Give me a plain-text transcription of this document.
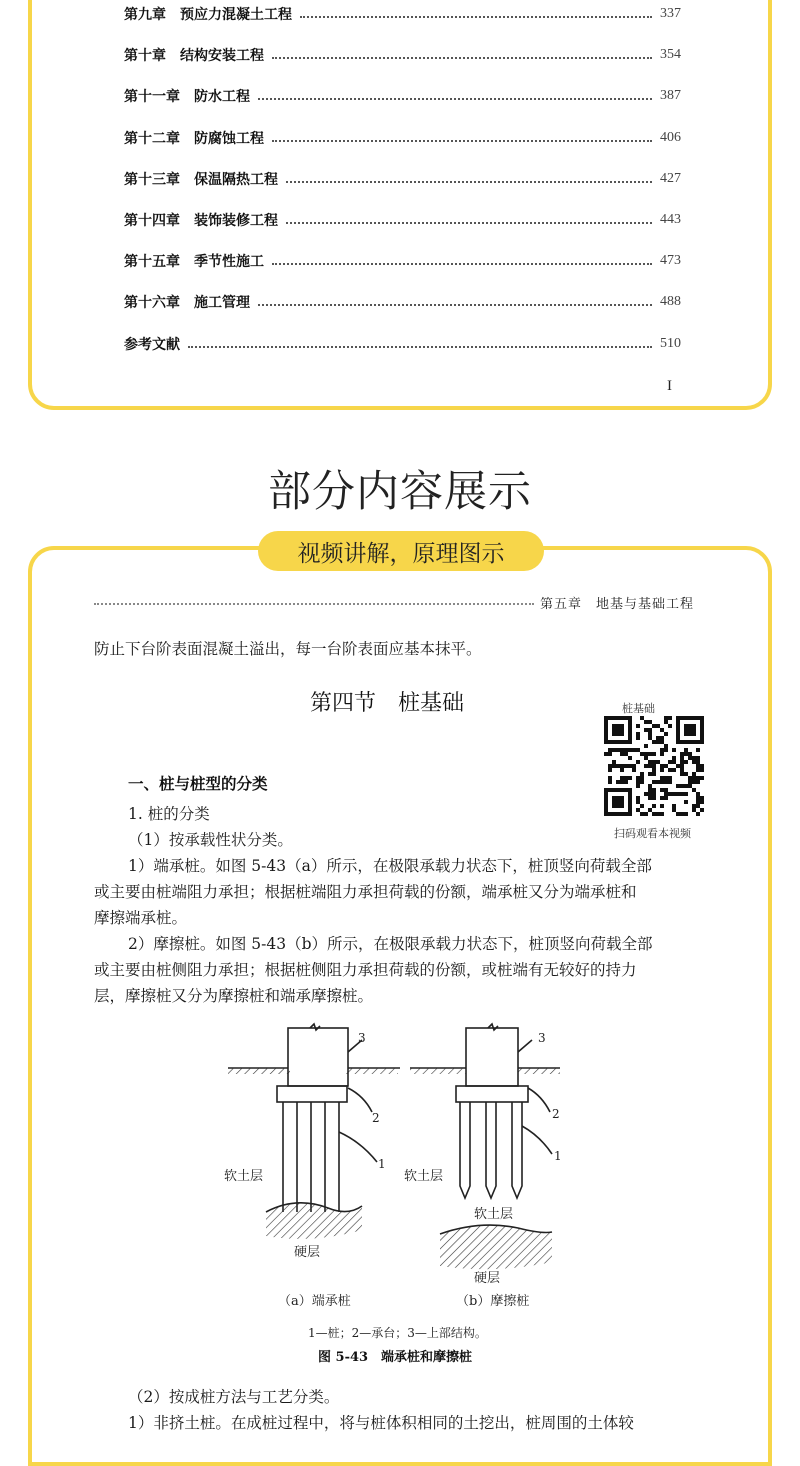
第九章 预应力混凝土工程	337
第十章 结构安装工程	354
第十一章 防水工程	387
第十二章 防腐蚀工程	406
第十三章 保温隔热工程	427
第十四章 装饰装修工程	443
第十五章 季节性施工	473
第十六章 施工管理	488
参考文献	510
I
部分内容展示
视频讲解，原理图示
第五章　地基与基础工程
防止下台阶表面混凝土溢出，每一台阶表面应基本抹平。
第四节　桩基础	桩基础
扫码观看本视频
一、桩与桩型的分类
1. 桩的分类
（1）按承载性状分类。
1）端承桩。如图 5-43（a）所示，在极限承载力状态下，桩顶竖向荷载全部
或主要由桩端阻力承担；根据桩端阻力承担荷载的份额，端承桩又分为端承桩和
摩擦端承桩。
2）摩擦桩。如图 5-43（b）所示，在极限承载力状态下，桩顶竖向荷载全部
或主要由桩侧阻力承担；根据桩侧阻力承担荷载的份额，或桩端有无较好的持力
层，摩擦桩又分为摩擦桩和端承摩擦桩。
3
2
1
3
2
1
软土层
硬层
软土层
软土层
硬层
（a）端承桩	（b）摩擦桩
1—桩；2—承台；3—上部结构。
图 5-43　端承桩和摩擦桩
（2）按成桩方法与工艺分类。
1）非挤土桩。在成桩过程中，将与桩体积相同的土挖出，桩周围的土体较
